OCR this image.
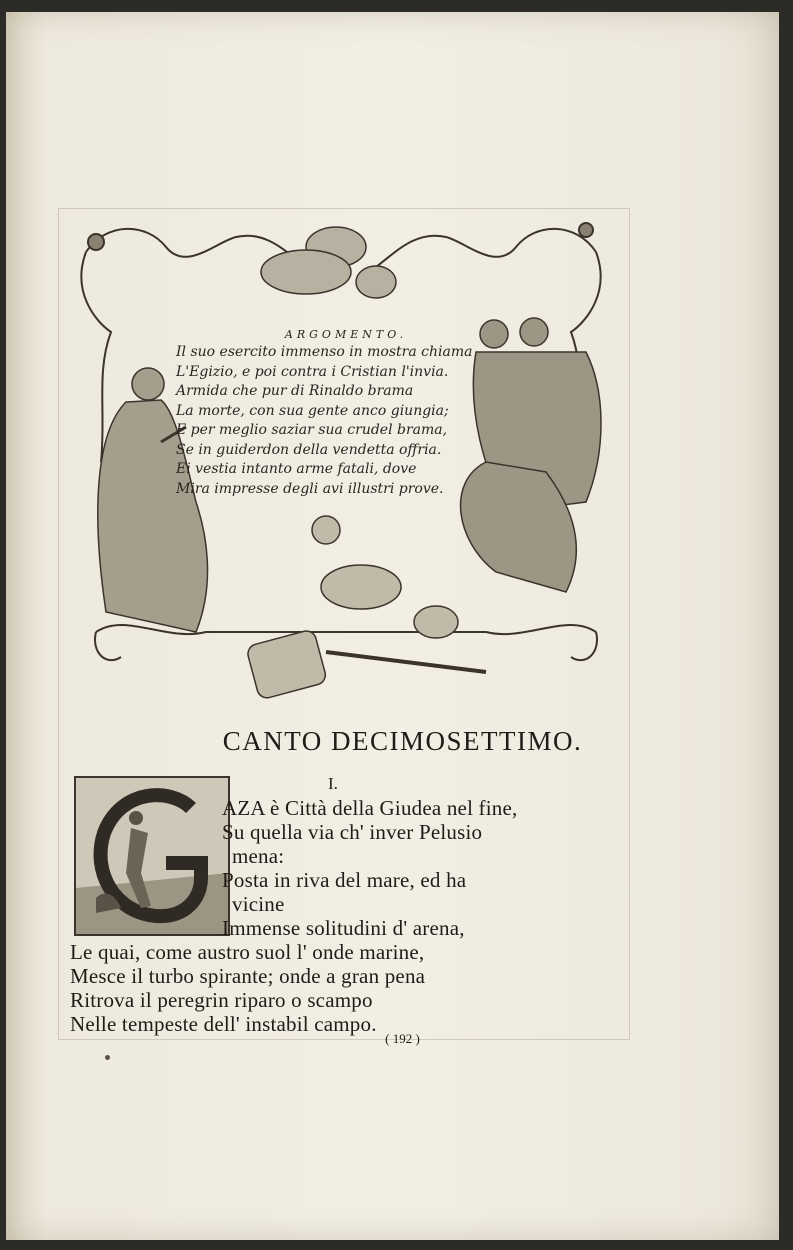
ARGOMENTO.
Il suo esercito immenso in mostra chiama
L'Egizio, e poi contra i Cristian l'invia.
Armida che pur di Rinaldo brama
La morte, con sua gente anco giungia;
E per meglio saziar sua crudel brama,
Se in guiderdon della vendetta offria.
Ei vestia intanto arme fatali, dove
Mira impresse degli avi illustri prove.
CANTO DECIMOSETTIMO.
I.
AZA è Città della Giudea nel fine,
Su quella via ch' inver Pelusio
mena:
Posta in riva del mare, ed ha
vicine
Immense solitudini d' arena,
Le quai, come austro suol l' onde marine,
Mesce il turbo spirante; onde a gran pena
Ritrova il peregrin riparo o scampo
Nelle tempeste dell' instabil campo.
( 192 )
